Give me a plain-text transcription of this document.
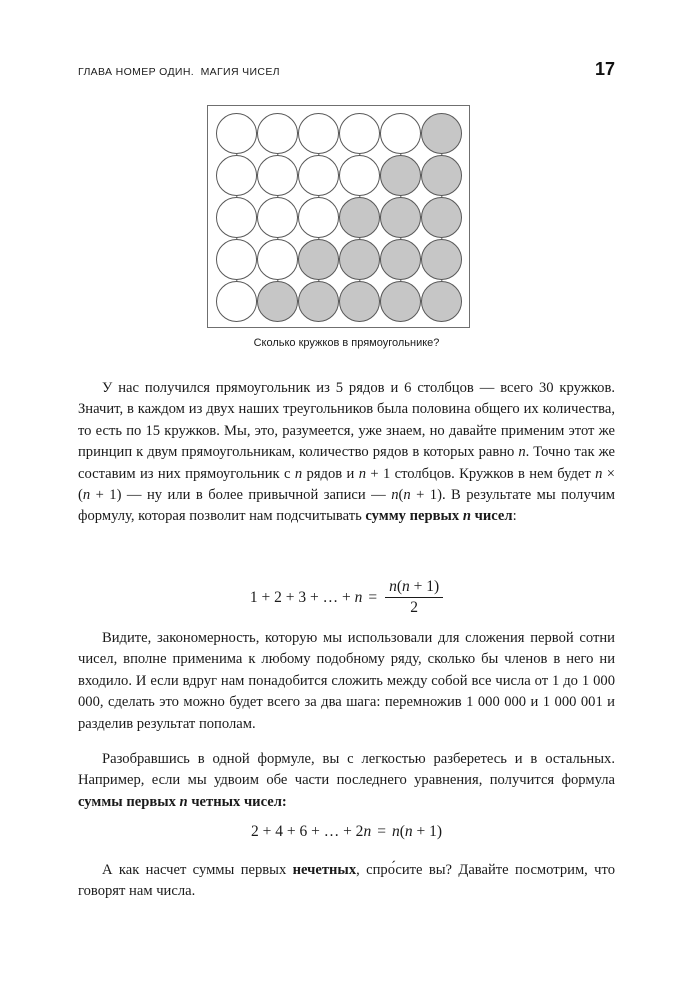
ГЛАВА НОМЕР ОДИН.  МАГИЯ ЧИСЕЛ	17
Сколько кружков в прямоугольнике?

У нас получился прямоугольник из 5 рядов и 6 столбцов — всего 30 кружков. Значит, в каждом из двух наших треугольников была половина общего их количества, то есть по 15 кружков. Мы, это, разумеется, уже знаем, но давайте применим этот же принцип к двум прямоугольникам, количество рядов в которых равно n. Точно так же составим из них прямоугольник с n рядов и n + 1 столбцов. Кружков в нем будет n × (n + 1) — ну или в более привычной записи — n(n + 1). В результате мы получим формулу, которая позволит нам подсчитывать сумму первых n чисел:

1 + 2 + 3 + … + $n = \frac{n(n + 1)}{2}$

Видите, закономерность, которую мы использовали для сложения первой сотни чисел, вполне применима к любому подобному ряду, сколько бы членов в него ни входило. И если вдруг нам понадобится сложить между собой все числа от 1 до 1 000 000, сделать это можно будет всего за два шага: перемножив 1 000 000 и 1 000 001 и разделив результат пополам.

Разобравшись в одной формуле, вы с легкостью разберетесь и в остальных. Например, если мы удвоим обе части последнего уравнения, получится формула суммы первых n четных чисел:

2 + 4 + 6 + … + 2n = n(n + 1)

А как насчет суммы первых нечетных, спро́сите вы? Давайте посмотрим, что говорят нам числа.
